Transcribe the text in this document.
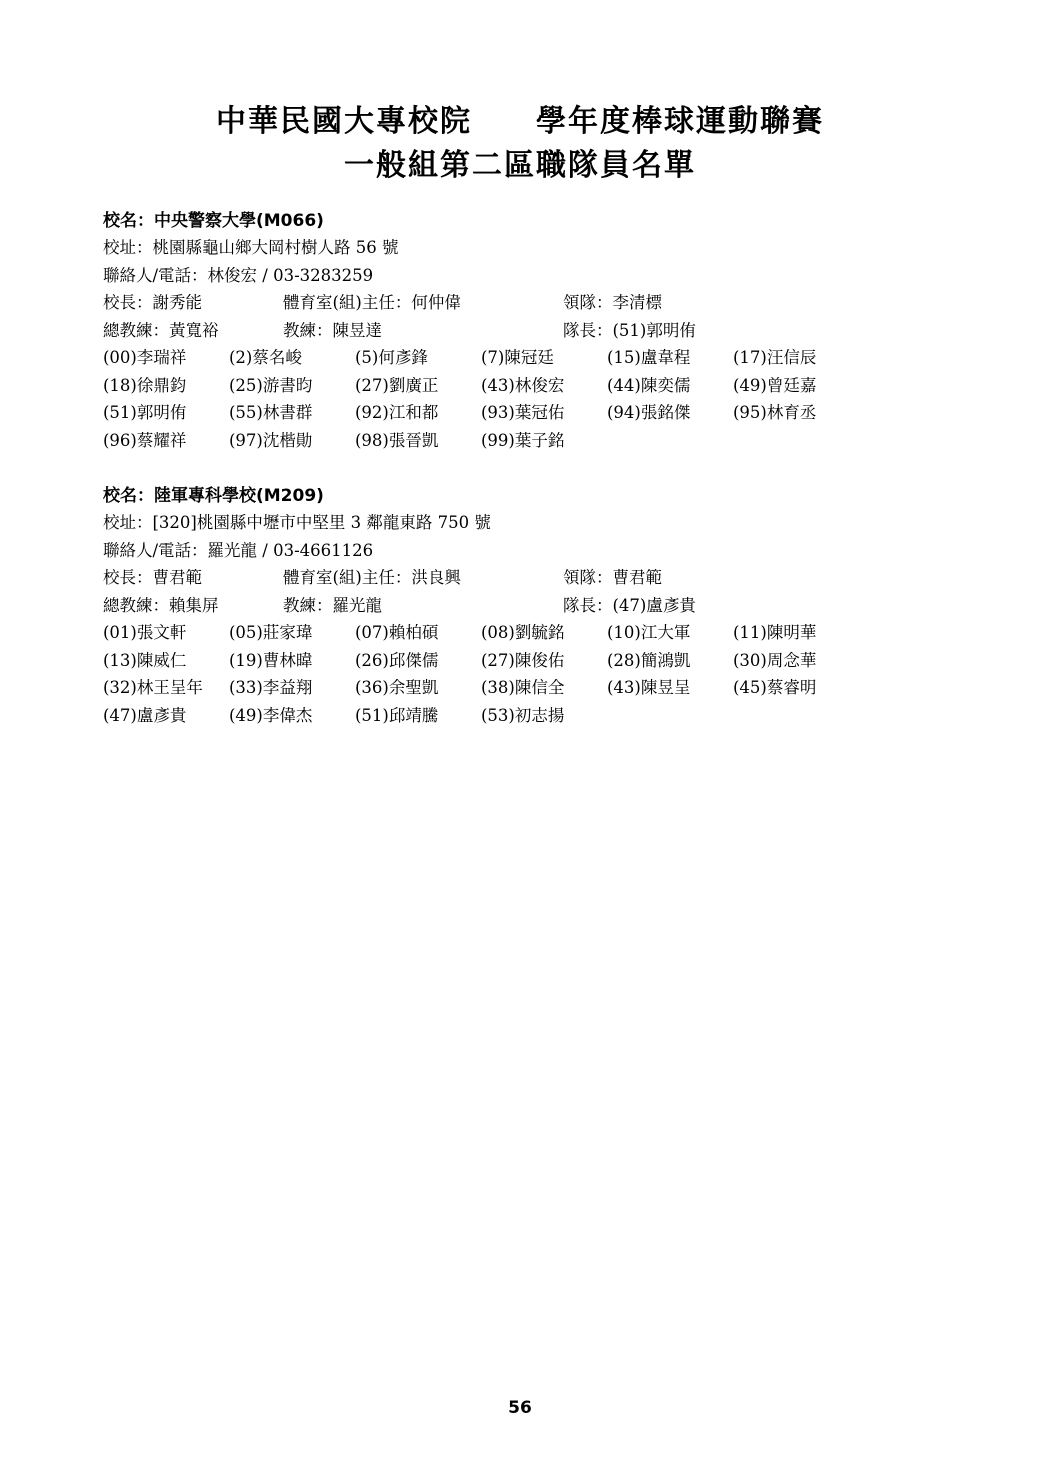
中華民國大專校院　　學年度棒球運動聯賽
一般組第二區職隊員名單
校名：中央警察大學(M066)
校址：桃園縣龜山鄉大岡村樹人路 56 號
聯絡人/電話：林俊宏 / 03-3283259
校長：謝秀能	體育室(組)主任：何仲偉	領隊：李清標
總教練：黃寬裕	教練：陳昱達	隊長：(51)郭明侑
(00)李瑞祥	(2)蔡名峻	(5)何彥鋒	(7)陳冠廷	(15)盧韋程	(17)汪信辰
(18)徐鼎鈞	(25)游書昀	(27)劉廣正	(43)林俊宏	(44)陳奕儒	(49)曾廷嘉
(51)郭明侑	(55)林書群	(92)江和都	(93)葉冠佑	(94)張銘傑	(95)林育丞
(96)蔡耀祥	(97)沈楷勛	(98)張晉凱	(99)葉子銘
校名：陸軍專科學校(M209)
校址：[320]桃園縣中壢市中堅里 3 鄰龍東路 750 號
聯絡人/電話：羅光龍 / 03-4661126
校長：曹君範	體育室(組)主任：洪良興	領隊：曹君範
總教練：賴集屏	教練：羅光龍	隊長：(47)盧彥貴
(01)張文軒	(05)莊家瑋	(07)賴柏碩	(08)劉毓銘	(10)江大軍	(11)陳明華
(13)陳威仁	(19)曹林暐	(26)邱傑儒	(27)陳俊佑	(28)簡鴻凱	(30)周念華
(32)林王呈年	(33)李益翔	(36)余聖凱	(38)陳信全	(43)陳昱呈	(45)蔡睿明
(47)盧彥貴	(49)李偉杰	(51)邱靖騰	(53)初志揚
56
